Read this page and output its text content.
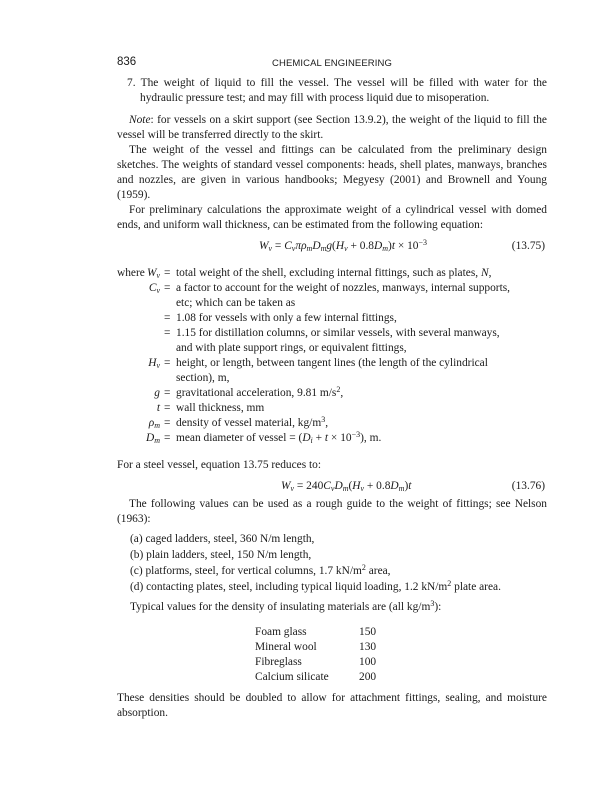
836	CHEMICAL ENGINEERING

7. The weight of liquid to fill the vessel. The vessel will be filled with water for the hydraulic pressure test; and may fill with process liquid due to misoperation.

Note: for vessels on a skirt support (see Section 13.9.2), the weight of the liquid to fill the vessel will be transferred directly to the skirt.

The weight of the vessel and fittings can be calculated from the preliminary design sketches. The weights of standard vessel components: heads, shell plates, manways, branches and nozzles, are given in various handbooks; Megyesy (2001) and Brownell and Young (1959).

For preliminary calculations the approximate weight of a cylindrical vessel with domed ends, and uniform wall thickness, can be estimated from the following equation:

$W_v = C_v\pi\rho_mD_mg(H_v + 0.8D_m)t \times 10^{-3}$	(13.75)
where $W_v$ = total weight of the shell, excluding internal fittings, such as plates, N,
$C_v = a$ factor to account for the weight of nozzles, manways, internal supports,
etc; which can be taken as
= 1.08 for vessels with only a few internal fittings,
= 1.15 for distillation columns, or similar vessels, with several manways,
and with plate support rings, or equivalent fittings,
$H_v$ = height, or length, between tangent lines (the length of the cylindrical
section), m,
g = gravitational acceleration, 9.81 $m/s^2$,
t = wall thickness, mm
$\rho_m$ = density of vessel material, $kg/m^3$,
$D_m$ = mean diameter of vessel = $(D_i + t \times 10^{-3})$, m.

For a steel vessel, equation 13.75 reduces to:

$W_v = 240C_vD_m(H_v + 0.8D_m)t$	(13.76)

The following values can be used as a rough guide to the weight of fittings; see Nelson (1963):

(a) caged ladders, steel, 360 N/m length,
(b) plain ladders, steel, 150 N/m length,
(c) platforms, steel, for vertical columns, 1.7 $kN/m^2$ area,
(d) contacting plates, steel, including typical liquid loading, 1.2 $kN/m^2$ plate area.

Typical values for the density of insulating materials are (all $kg/m^3$):

Foam glass	150
Mineral wool	130
Fibreglass	100
Calcium silicate	200

These densities should be doubled to allow for attachment fittings, sealing, and moisture absorption.
